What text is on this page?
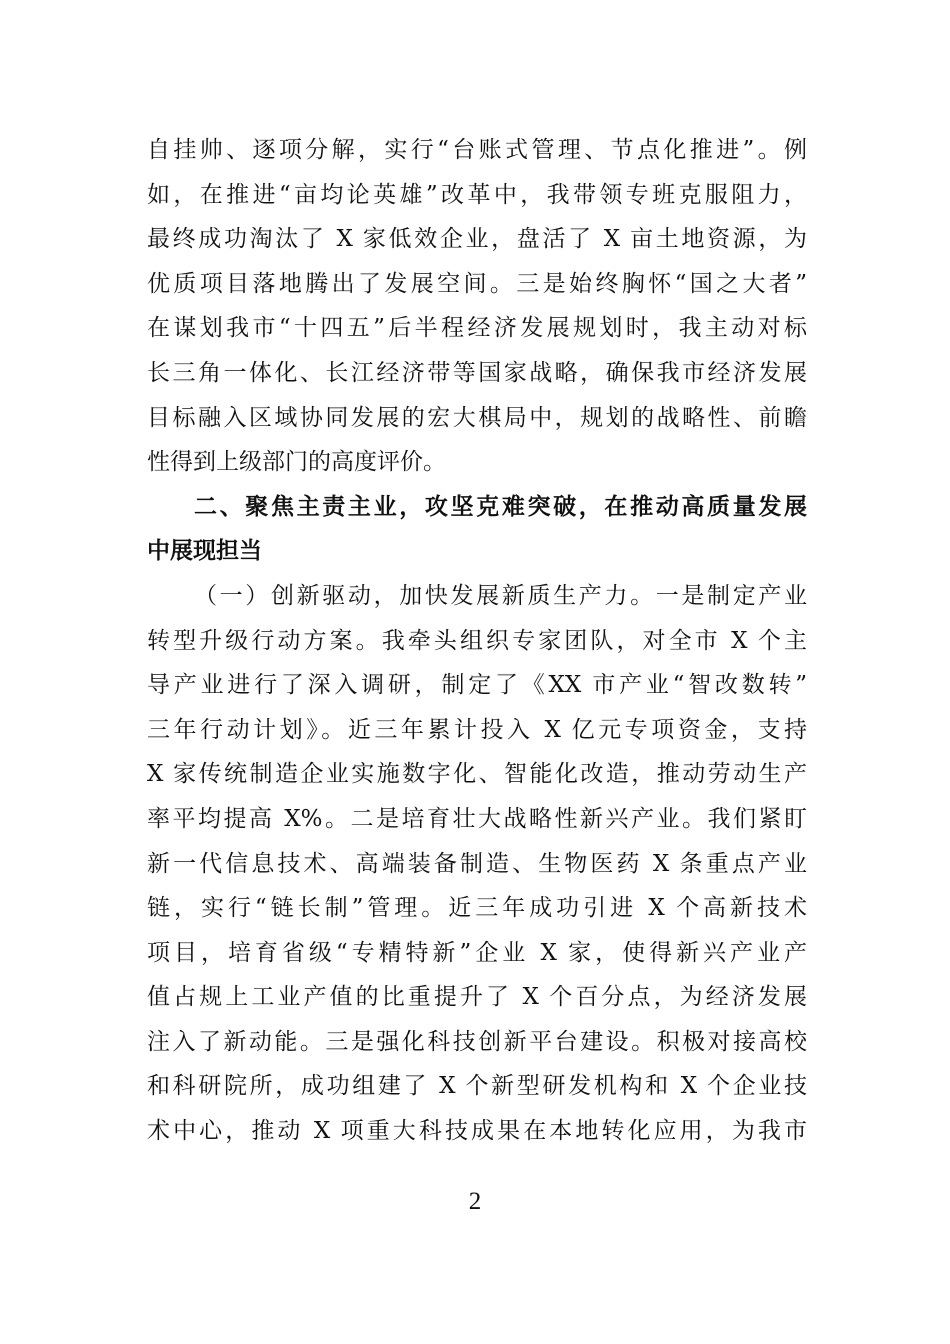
自挂帅、逐项分解，实行“台账式管理、节点化推进”。例
如，在推进“亩均论英雄”改革中，我带领专班克服阻力，
最终成功淘汰了 X 家低效企业，盘活了 X 亩土地资源，为
优质项目落地腾出了发展空间。三是始终胸怀“国之大者”
在谋划我市“十四五”后半程经济发展规划时，我主动对标
长三角一体化、长江经济带等国家战略，确保我市经济发展
目标融入区域协同发展的宏大棋局中，规划的战略性、前瞻
性得到上级部门的高度评价。
二、聚焦主责主业，攻坚克难突破，在推动高质量发展
中展现担当
（一）创新驱动，加快发展新质生产力。一是制定产业
转型升级行动方案。我牵头组织专家团队，对全市 X 个主
导产业进行了深入调研，制定了《XX 市产业“智改数转”
三年行动计划》。近三年累计投入 X 亿元专项资金，支持
X 家传统制造企业实施数字化、智能化改造，推动劳动生产
率平均提高 X%。二是培育壮大战略性新兴产业。我们紧盯
新一代信息技术、高端装备制造、生物医药 X 条重点产业
链，实行“链长制”管理。近三年成功引进 X 个高新技术
项目，培育省级“专精特新”企业 X 家，使得新兴产业产
值占规上工业产值的比重提升了 X 个百分点，为经济发展
注入了新动能。三是强化科技创新平台建设。积极对接高校
和科研院所，成功组建了 X 个新型研发机构和 X 个企业技
术中心，推动 X 项重大科技成果在本地转化应用，为我市
2
